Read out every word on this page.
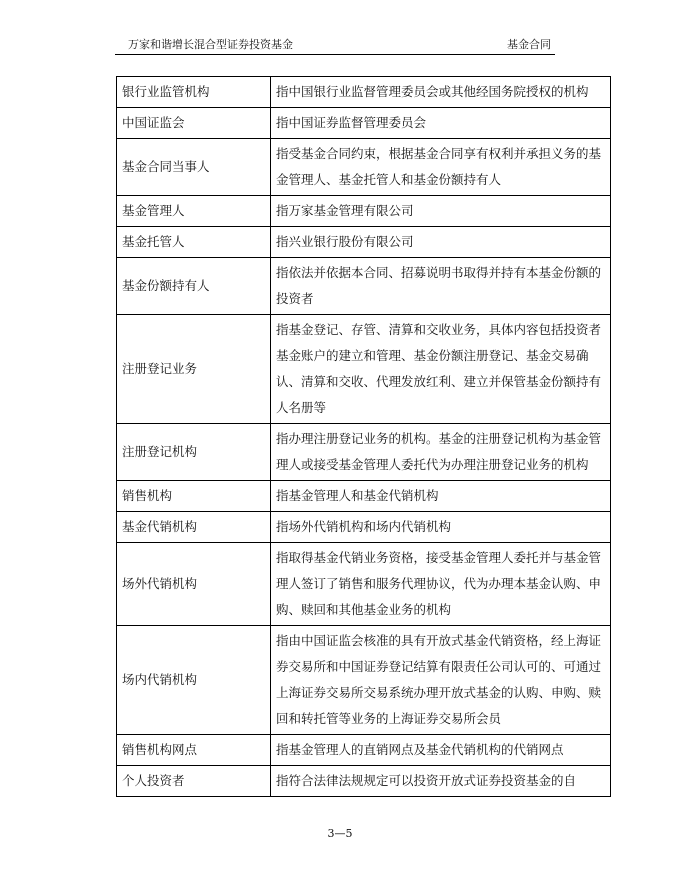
万家和谐增长混合型证券投资基金	基金合同
银行业监管机构	指中国银行业监督管理委员会或其他经国务院授权的机构
中国证监会	指中国证券监督管理委员会
基金合同当事人	指受基金合同约束，根据基金合同享有权利并承担义务的基金管理人、基金托管人和基金份额持有人
基金管理人	指万家基金管理有限公司
基金托管人	指兴业银行股份有限公司
基金份额持有人	指依法并依据本合同、招募说明书取得并持有本基金份额的投资者
注册登记业务	指基金登记、存管、清算和交收业务，具体内容包括投资者基金账户的建立和管理、基金份额注册登记、基金交易确认、清算和交收、代理发放红利、建立并保管基金份额持有人名册等
注册登记机构	指办理注册登记业务的机构。基金的注册登记机构为基金管理人或接受基金管理人委托代为办理注册登记业务的机构
销售机构	指基金管理人和基金代销机构
基金代销机构	指场外代销机构和场内代销机构
场外代销机构	指取得基金代销业务资格，接受基金管理人委托并与基金管理人签订了销售和服务代理协议，代为办理本基金认购、申购、赎回和其他基金业务的机构
场内代销机构	指由中国证监会核准的具有开放式基金代销资格，经上海证券交易所和中国证券登记结算有限责任公司认可的、可通过上海证券交易所交易系统办理开放式基金的认购、申购、赎回和转托管等业务的上海证券交易所会员
销售机构网点	指基金管理人的直销网点及基金代销机构的代销网点
个人投资者	指符合法律法规规定可以投资开放式证券投资基金的自
3—5
